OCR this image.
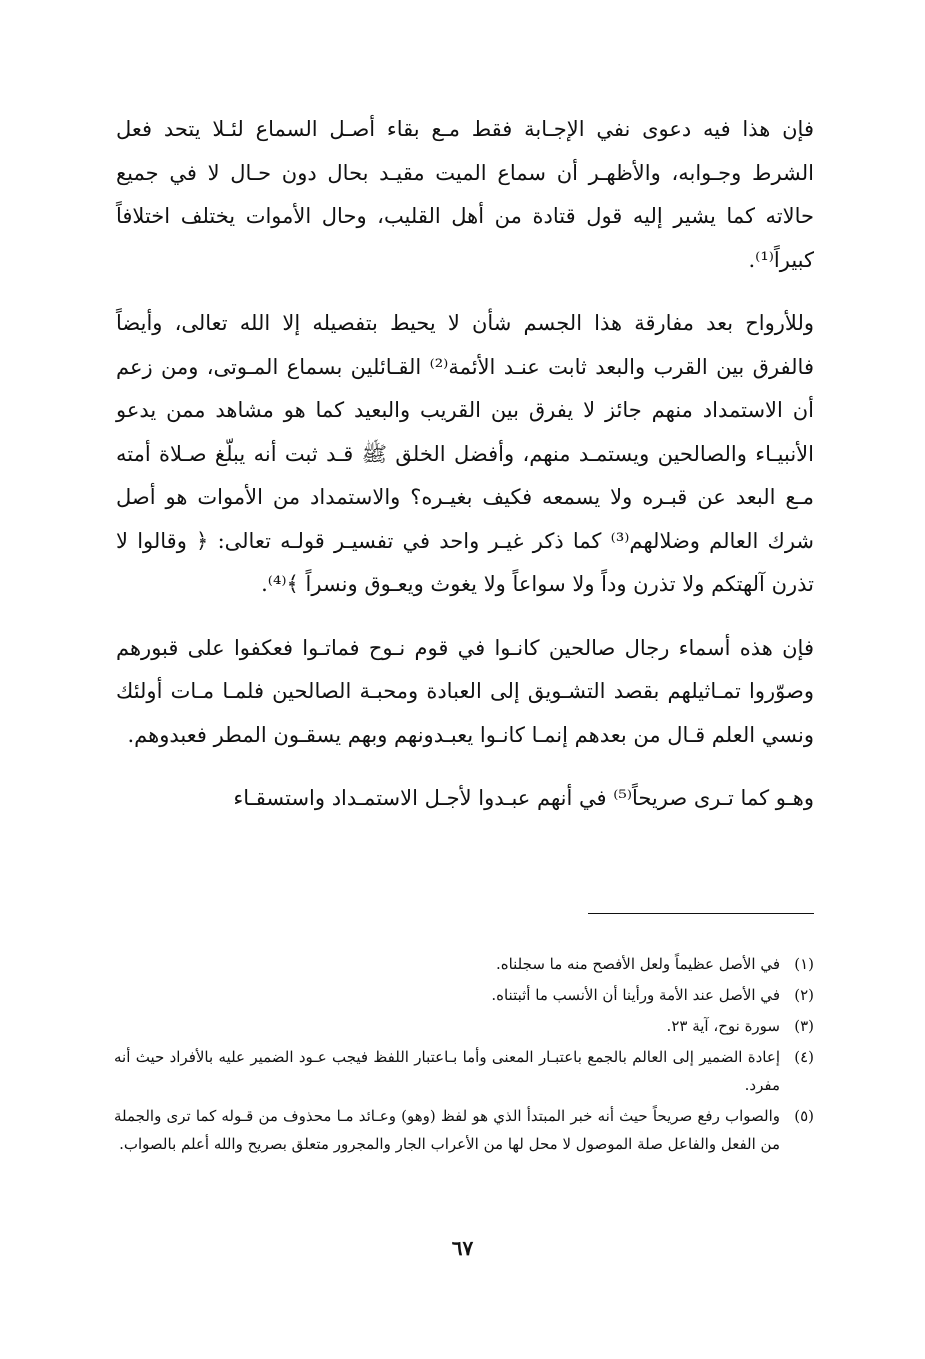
فإن هذا فيه دعوى نفي الإجـابة فقط مـع بقاء أصـل السماع لئـلا يتحد فعل الشرط وجـوابه، والأظهـر أن سماع الميت مقيـد بحال دون حـال لا في جميع حالاته كما يشير إليه قول قتادة من أهل القليب، وحال الأموات يختلف اختلافاً كبيراً⁽¹⁾.

وللأرواح بعد مفارقة هذا الجسم شأن لا يحيط بتفصيله إلا الله تعالى، وأيضاً فالفرق بين القرب والبعد ثابت عنـد الأئمة⁽²⁾ القـائلين بسماع المـوتى، ومن زعم أن الاستمداد منهم جائز لا يفرق بين القريب والبعيد كما هو مشاهد ممن يدعو الأنبيـاء والصالحين ويستمـد منهم، وأفضل الخلق ﷺ قـد ثبت أنه يبلّغ صـلاة أمته مـع البعد عن قبـره ولا يسمعه فكيف بغيـره؟ والاستمداد من الأموات هو أصل شرك العالم وضلالهم⁽³⁾ كما ذكر غيـر واحد في تفسيـر قولـه تعالى: ﴿ وقالوا لا تذرن آلهتكم ولا تذرن وداً ولا سواعاً ولا يغوث ويعـوق ونسراً ﴾⁽⁴⁾.

فإن هذه أسماء رجال صالحين كانـوا في قوم نـوح فماتـوا فعكفوا على قبورهم وصوّروا تمـاثيلهم بقصد التشـويق إلى العبادة ومحبـة الصالحين فلمـا مـات أولئك ونسي العلم قـال من بعدهم إنمـا كانـوا يعبـدونهم وبهم يسقـون المطر فعبدوهم.

وهـو كما تـرى صريحاً⁽⁵⁾ في أنهم عبـدوا لأجـل الاستمـداد واستسقـاء

(١)
في الأصل عظيماً ولعل الأفصح منه ما سجلناه.
(٢)
في الأصل عند الأمة ورأينا أن الأنسب ما أثبتناه.
(٣)
سورة نوح، آية ٢٣.
(٤)
إعادة الضمير إلى العالم بالجمع باعتبـار المعنى وأما بـاعتبار اللفظ فيجب عـود الضمير عليه بالأفراد حيث أنه مفرد.
(٥)
والصواب رفع صريحاً حيث أنه خبر المبتدأ الذي هو لفظ (وهو) وعـائد مـا محذوف من قـوله كما ترى والجملة من الفعل والفاعل صلة الموصول لا محل لها من الأعراب الجار والمجرور متعلق بصريح والله أعلم بالصواب.
٦٧
